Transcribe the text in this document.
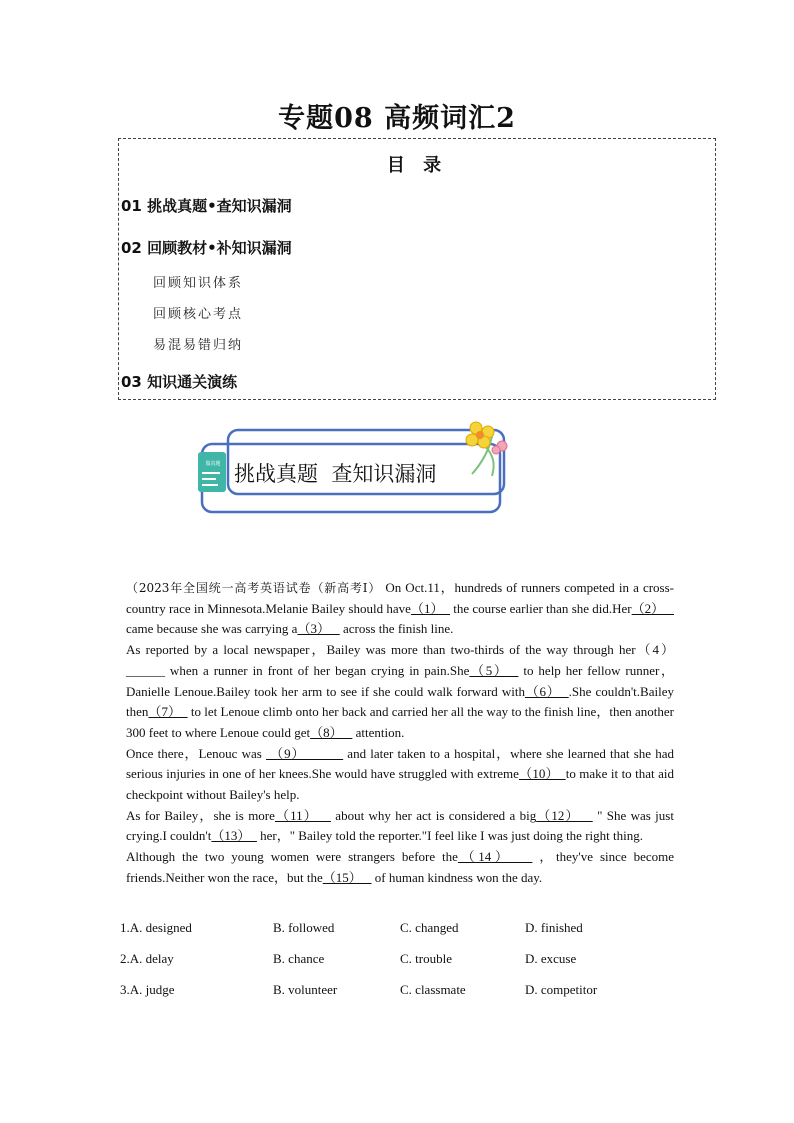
专题08 高频词汇2
目 录
01 挑战真题•查知识漏洞
02 回顾教材•补知识漏洞
回顾知识体系
回顾核心考点
易混易错归纳
03 知识通关演练
做真题 挑战真题  查知识漏洞

（2023年全国统一高考英语试卷（新高考Ⅰ） On Oct.11，hundreds of runners competed in a cross-country race in Minnesota.Melanie Bailey should have（1）   the course earlier than she did.Her（2）    came because she was carrying a（3）    across the finish line.

As reported by a local newspaper，Bailey was more than two-thirds of the way through her（4）______ when a runner in front of her began crying in pain.She（5）   to help her fellow runner，Danielle Lenoue.Bailey took her arm to see if she could walk forward with（6）  .She couldn't.Bailey then（7）   to let Lenoue climb onto her back and carried her all the way to the finish line，then another 300 feet to where Lenoue could get（8）    attention.

Once there，Lenouc was  （9）          and later taken to a hospital，where she learned that she had serious injuries in one of her knees.She would have struggled with extreme（10）  to make it to that aid checkpoint without Bailey's help.

As for Bailey，she is more（11）    about why her act is considered a big（12）    " She was just crying.I couldn't（13）   her，" Bailey told the reporter."I feel like I was just doing the right thing.

Although the two young women were strangers before the（14）    ，they've since become friends.Neither won the race，but the（15）    of human kindness won the day.

1.A. designed	B. followed	C. changed	D. finished
2.A. delay	B. chance	C. trouble	D. excuse
3.A. judge	B. volunteer	C. classmate	D. competitor
